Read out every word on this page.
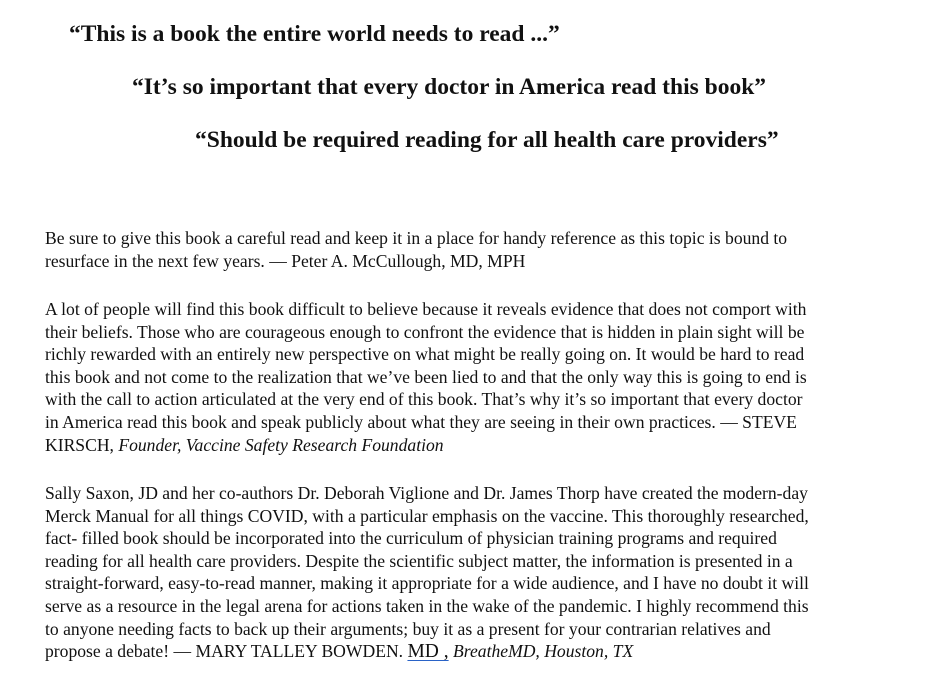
“This is a book the entire world needs to read ...”

“It’s so important that every doctor in America read this book”

“Should be required reading for all health care providers”

Be sure to give this book a careful read and keep it in a place for handy reference as this topic is bound to
resurface in the next few years. — Peter A. McCullough, MD, MPH
A lot of people will find this book difficult to believe because it reveals evidence that does not comport with
their beliefs. Those who are courageous enough to confront the evidence that is hidden in plain sight will be
richly rewarded with an entirely new perspective on what might be really going on. It would be hard to read
this book and not come to the realization that we’ve been lied to and that the only way this is going to end is
with the call to action articulated at the very end of this book. That’s why it’s so important that every doctor
in America read this book and speak publicly about what they are seeing in their own practices. — STEVE
KIRSCH, Founder, Vaccine Safety Research Foundation
Sally Saxon, JD and her co-authors Dr. Deborah Viglione and Dr. James Thorp have created the modern-day
Merck Manual for all things COVID, with a particular emphasis on the vaccine. This thoroughly researched,
fact- filled book should be incorporated into the curriculum of physician training programs and required
reading for all health care providers. Despite the scientific subject matter, the information is presented in a
straight-forward, easy-to-read manner, making it appropriate for a wide audience, and I have no doubt it will
serve as a resource in the legal arena for actions taken in the wake of the pandemic. I highly recommend this
to anyone needing facts to back up their arguments; buy it as a present for your contrarian relatives and
propose a debate! — MARY TALLEY BOWDEN. MD , BreatheMD, Houston, TX
